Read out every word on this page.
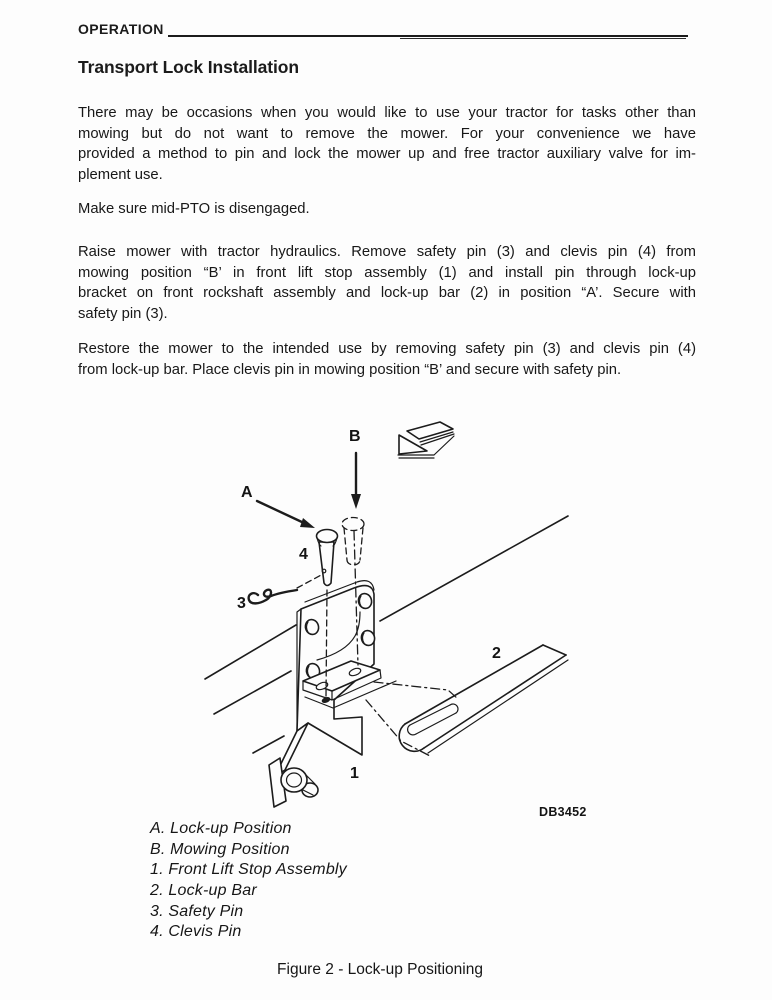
OPERATION
Transport Lock Installation
There may be occasions when you would like to use your tractor for tasks other than
mowing but do not want to remove the mower. For your convenience we have
provided a method to pin and lock the mower up and free tractor auxiliary valve for im-
plement use.
Make sure mid-PTO is disengaged.
Raise mower with tractor hydraulics. Remove safety pin (3) and clevis pin (4) from
mowing position “B’ in front lift stop assembly (1) and install pin through lock-up
bracket on front rockshaft assembly and lock-up bar (2) in position “A’. Secure with
safety pin (3).
Restore the mower to the intended use by removing safety pin (3) and clevis pin (4)
from lock-up bar. Place clevis pin in mowing position “B’ and secure with safety pin.
A
B
4
3
2
1
DB3452
A. Lock-up Position
B. Mowing Position
1. Front Lift Stop Assembly
2. Lock-up Bar
3. Safety Pin
4. Clevis Pin
Figure 2 - Lock-up Positioning
